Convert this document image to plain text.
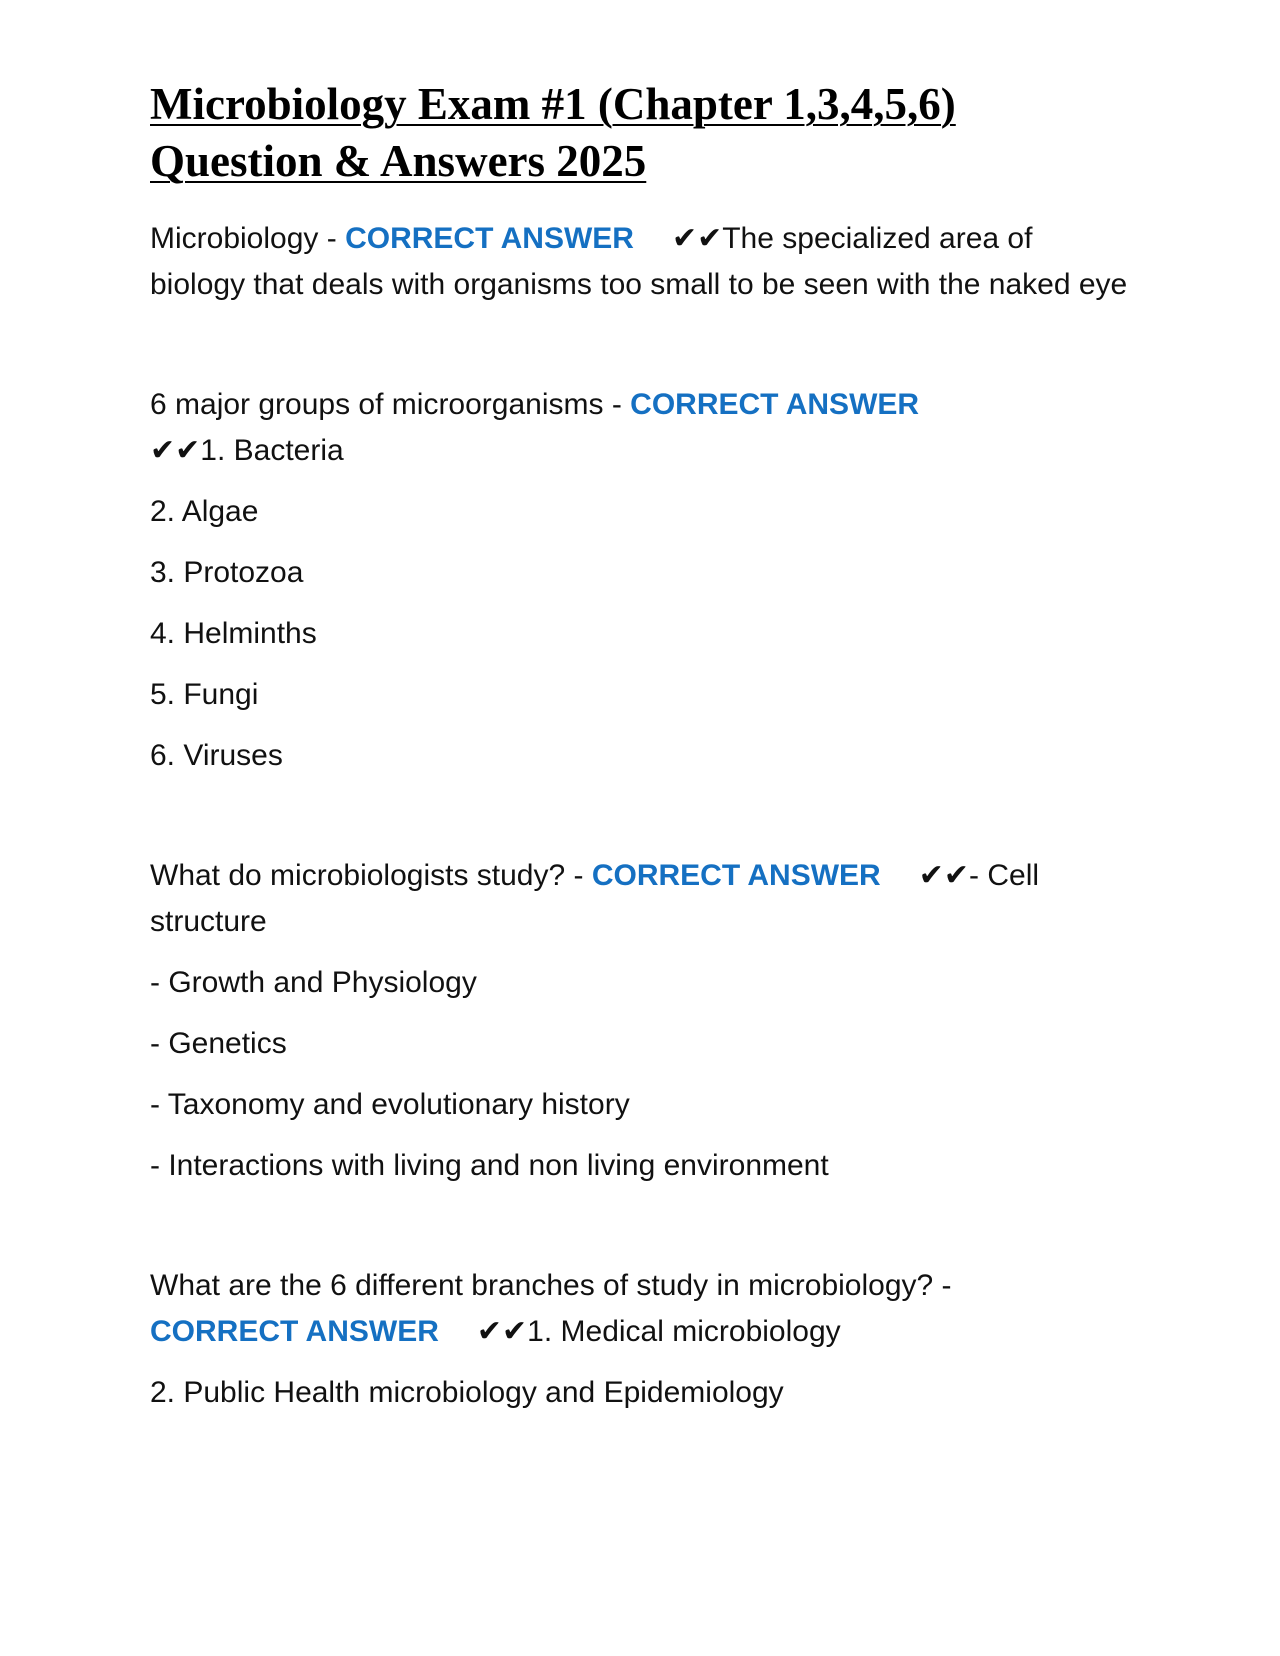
Microbiology Exam #1 (Chapter 1,3,4,5,6)
Question & Answers 2025

Microbiology - CORRECT ANSWER ✔✔The specialized area of biology that deals with organisms too small to be seen with the naked eye

6 major groups of microorganisms - CORRECT ANSWER
✔✔1. Bacteria

2. Algae

3. Protozoa

4. Helminths

5. Fungi

6. Viruses

What do microbiologists study? - CORRECT ANSWER ✔✔- Cell structure

- Growth and Physiology

- Genetics

- Taxonomy and evolutionary history

- Interactions with living and non living environment

What are the 6 different branches of study in microbiology? -
CORRECT ANSWER ✔✔1. Medical microbiology

2. Public Health microbiology and Epidemiology
